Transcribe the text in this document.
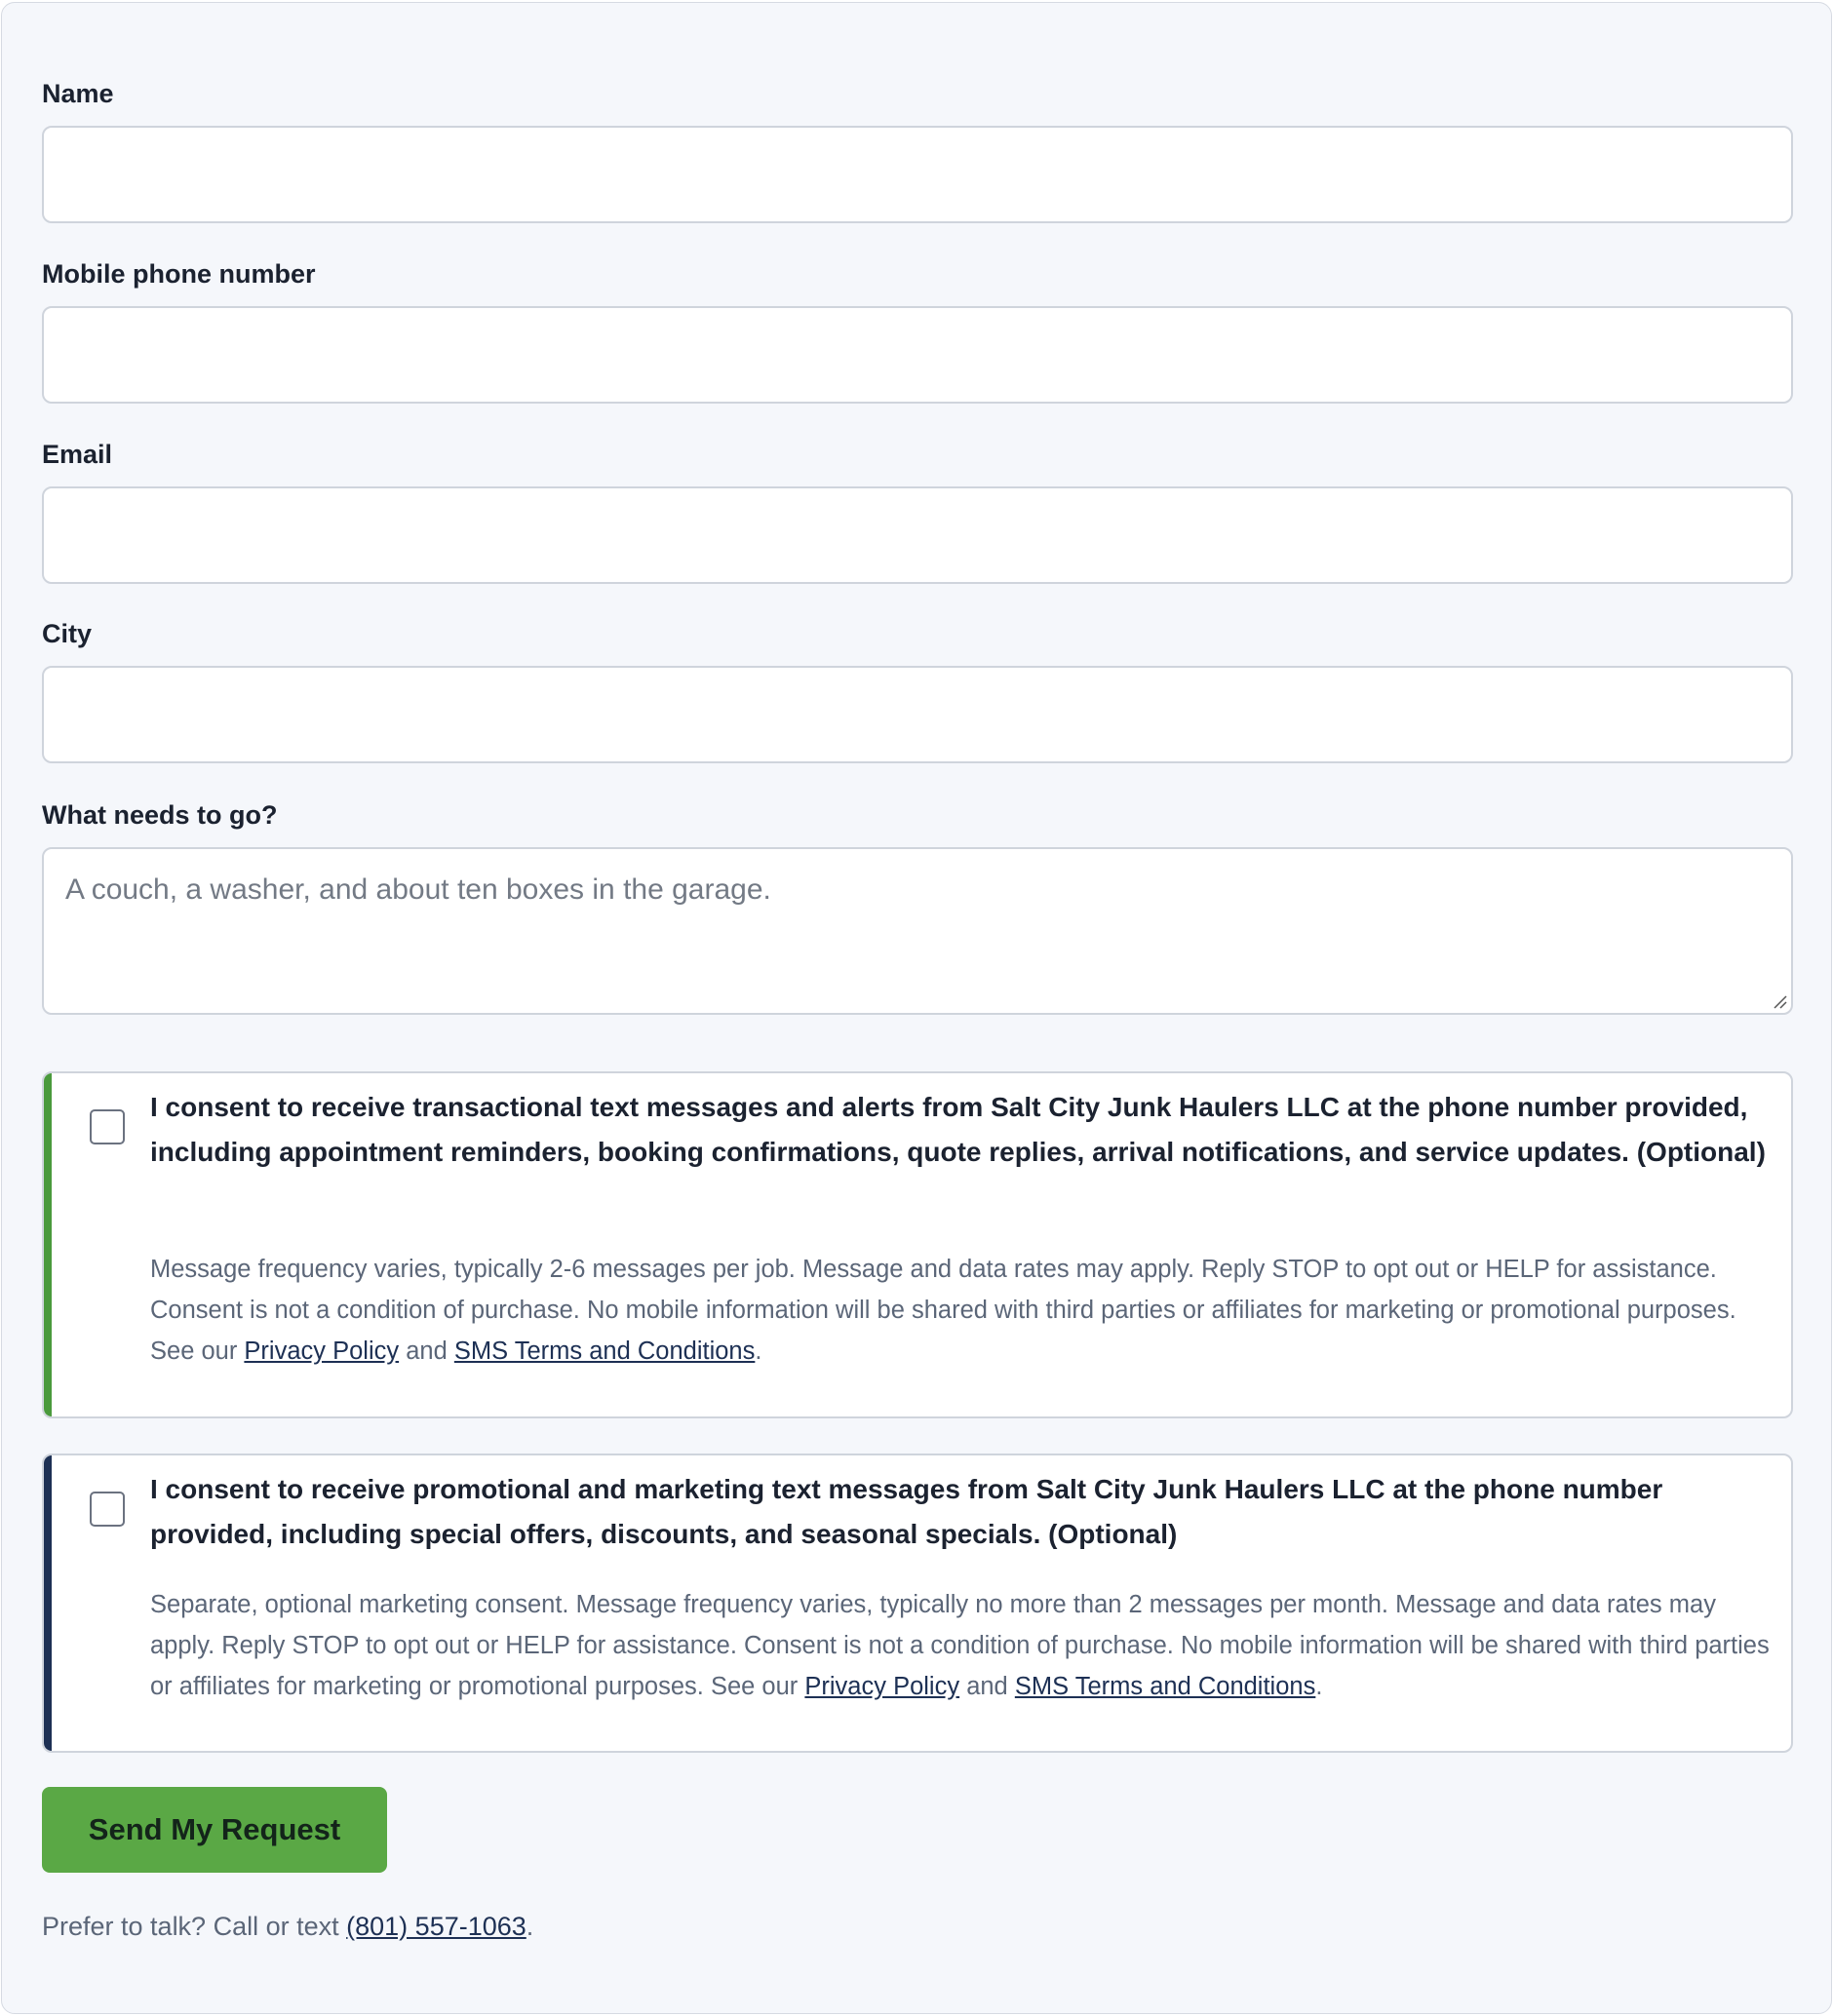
Name
Mobile phone number
Email
City
What needs to go?
A couch, a washer, and about ten boxes in the garage.
I consent to receive transactional text messages and alerts from Salt City Junk Haulers LLC at the phone number provided, including appointment reminders, booking confirmations, quote replies, arrival notifications, and service updates. (Optional)
Message frequency varies, typically 2-6 messages per job. Message and data rates may apply. Reply STOP to opt out or HELP for assistance. Consent is not a condition of purchase. No mobile information will be shared with third parties or affiliates for marketing or promotional purposes. See our Privacy Policy and SMS Terms and Conditions.
I consent to receive promotional and marketing text messages from Salt City Junk Haulers LLC at the phone number provided, including special offers, discounts, and seasonal specials. (Optional)
Separate, optional marketing consent. Message frequency varies, typically no more than 2 messages per month. Message and data rates may apply. Reply STOP to opt out or HELP for assistance. Consent is not a condition of purchase. No mobile information will be shared with third parties or affiliates for marketing or promotional purposes. See our Privacy Policy and SMS Terms and Conditions.
Send My Request
Prefer to talk? Call or text (801) 557-1063.
